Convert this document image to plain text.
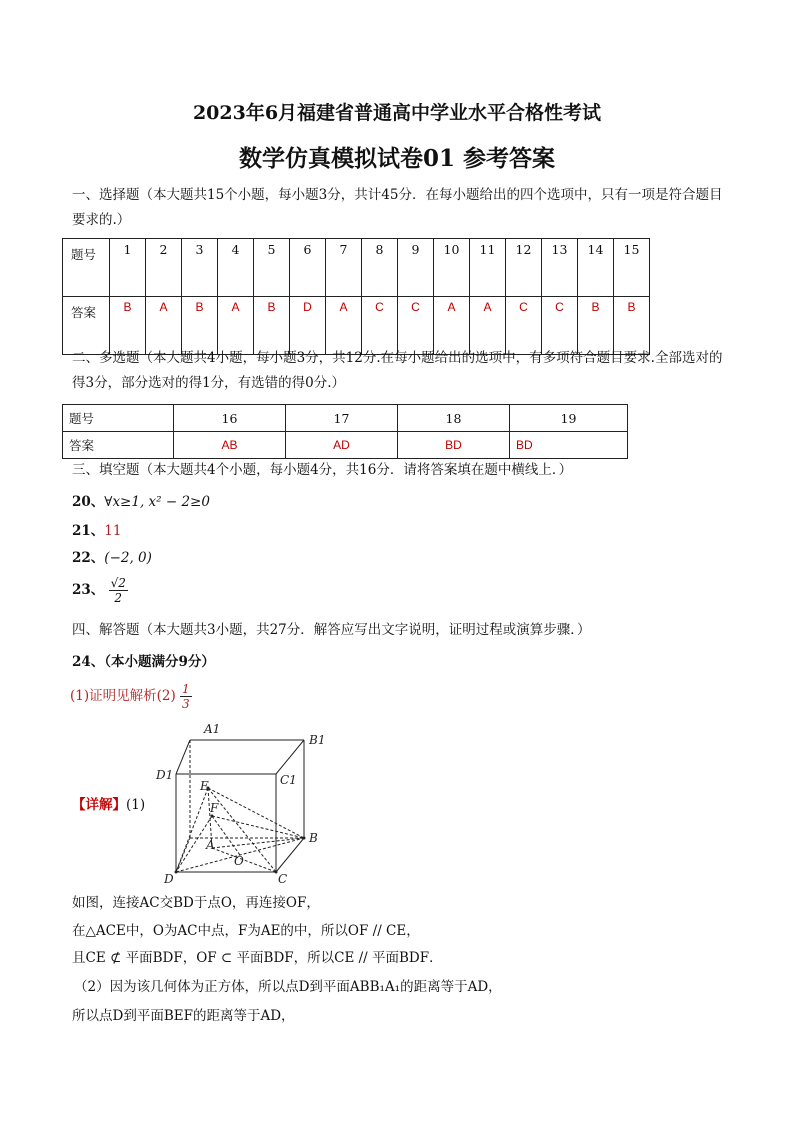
2023年6月福建省普通高中学业水平合格性考试
数学仿真模拟试卷01 参考答案
一、选择题（本大题共15个小题，每小题3分，共计45分．在每小题给出的四个选项中，只有一项是符合题目要求的.）
题号	1	2	3	4	5	6	7	8	9	10	11	12	13	14	15
答案	B	A	B	A	B	D	A	C	C	A	A	C	C	B	B
二、多选题（本大题共4小题，每小题3分，共12分.在每小题给出的选项中，有多项符合题目要求.全部选对的得3分，部分选对的得1分，有选错的得0分.）
题号	16	17	18	19
答案	AB	AD	BD	BD
三、填空题（本大题共4个小题，每小题4分，共16分．请将答案填在题中横线上．）
20、∀x≥1, x² − 2≥0
21、11
22、(−2, 0)
23、 $\frac{√2}{2}$
四、解答题（本大题共3小题，共27分．解答应写出文字说明，证明过程或演算步骤．）
24、（本小题满分9分）
(1)证明见解析$(2) \frac{1}{3}$
【详解】(1)
A1
B1
D1	C1
E
F
A
O
B
D	C
如图，连接AC交BD于点O，再连接OF，
在△ACE中，O为AC中点，F为AE的中，所以OF // CE，
且CE ⊄ 平面BDF，OF ⊂ 平面BDF，所以CE // 平面BDF．
（2）因为该几何体为正方体，所以点D到平面ABB₁A₁的距离等于AD，
所以点D到平面BEF的距离等于AD，
